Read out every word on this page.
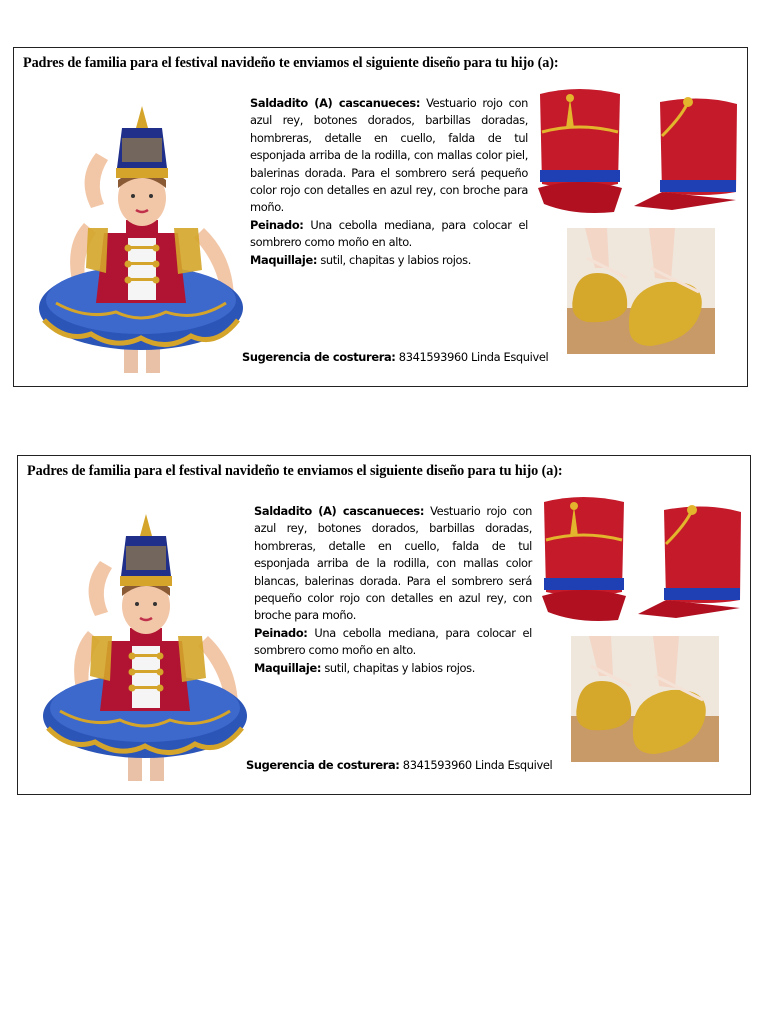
Padres de familia para el festival navideño te enviamos el siguiente diseño para tu hijo (a):

Saldadito (A) cascanueces: Vestuario rojo con azul rey, botones dorados, barbillas doradas, hombreras, detalle en cuello, falda de tul esponjada arriba de la rodilla, con mallas color piel, balerinas dorada. Para el sombrero será pequeño color rojo con detalles en azul rey, con broche para moño.

Peinado: Una cebolla mediana, para colocar el sombrero como moño en alto.

Maquillaje: sutil, chapitas y labios rojos.

Sugerencia de costurera: 8341593960 Linda Esquivel
Padres de familia para el festival navideño te enviamos el siguiente diseño para tu hijo (a):

Saldadito (A) cascanueces: Vestuario rojo con azul rey, botones dorados, barbillas doradas, hombreras, detalle en cuello, falda de tul esponjada arriba de la rodilla, con mallas color blancas, balerinas dorada. Para el sombrero será pequeño color rojo con detalles en azul rey, con broche para moño.

Peinado: Una cebolla mediana, para colocar el sombrero como moño en alto.

Maquillaje: sutil, chapitas y labios rojos.

Sugerencia de costurera: 8341593960 Linda Esquivel
